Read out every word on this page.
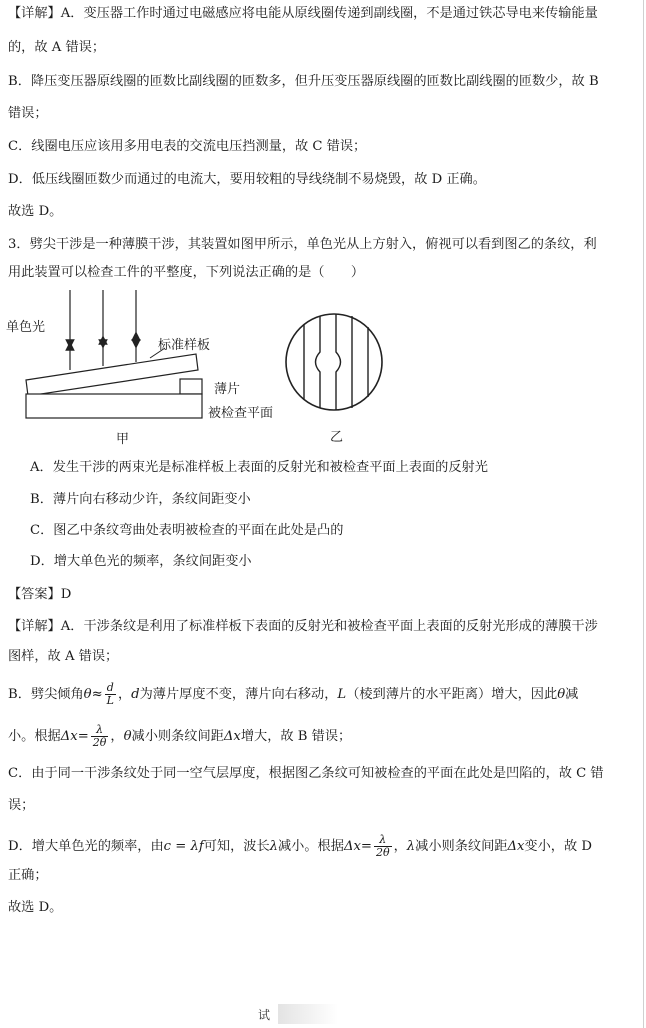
【详解】A．变压器工作时通过电磁感应将电能从原线圈传递到副线圈，不是通过铁芯导电来传输能量
的，故 A 错误；
B．降压变压器原线圈的匝数比副线圈的匝数多，但升压变压器原线圈的匝数比副线圈的匝数少，故 B
错误；
C．线圈电压应该用多用电表的交流电压挡测量，故 C 错误；
D．低压线圈匝数少而通过的电流大，要用较粗的导线绕制不易烧毁，故 D 正确。
故选 D。
3．劈尖干涉是一种薄膜干涉，其装置如图甲所示，单色光从上方射入，俯视可以看到图乙的条纹，利
用此装置可以检查工件的平整度，下列说法正确的是（　　）
单色光
标准样板
薄片
被检查平面
甲	乙
A．发生干涉的两束光是标准样板上表面的反射光和被检查平面上表面的反射光
B．薄片向右移动少许，条纹间距变小
C．图乙中条纹弯曲处表明被检查的平面在此处是凸的
D．增大单色光的频率，条纹间距变小
【答案】D
【详解】A．干涉条纹是利用了标准样板下表面的反射光和被检查平面上表面的反射光形成的薄膜干涉
图样，故 A 错误；
B．劈尖倾角$\theta\approx \frac{d}{L}$ ，d为薄片厚度不变，薄片向右移动，L（棱到薄片的水平距离）增大，因此θ减
小。根据$\Delta x= \frac{\lambda}{2\theta}$ ，θ减小则条纹间距Δx增大，故 B 错误；
C．由于同一干涉条纹处于同一空气层厚度，根据图乙条纹可知被检查的平面在此处是凹陷的，故 C 错
误；
D．增大单色光的频率，由c = λf可知，波长λ减小。根据$\Delta x= \frac{\lambda}{2\theta}$ ，λ减小则条纹间距Δx变小，故 D
正确；
故选 D。
试
